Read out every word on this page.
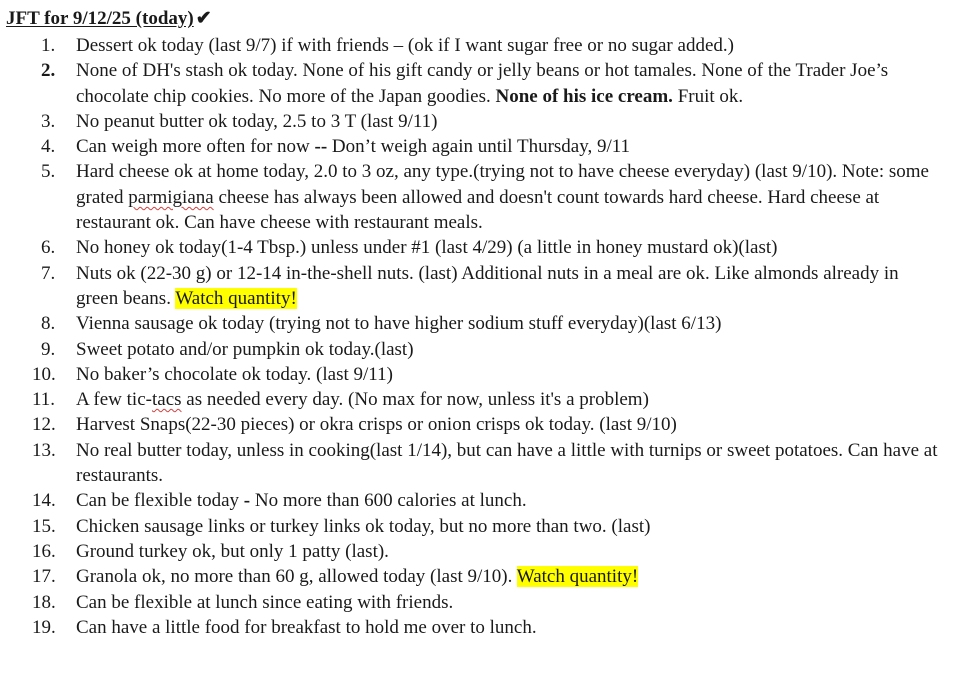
JFT for 9/12/25 (today) ✔
1.	Dessert ok today (last 9/7) if with friends – (ok if I want sugar free or no sugar added.)
2.	None of DH's stash ok today. None of his gift candy or jelly beans or hot tamales. None of the Trader Joe’s chocolate chip cookies. No more of the Japan goodies. None of his ice cream. Fruit ok.
3.	No peanut butter ok today, 2.5 to 3 T (last 9/11)
4.	Can weigh more often for now -- Don’t weigh again until Thursday, 9/11
5.	Hard cheese ok at home today, 2.0 to 3 oz, any type.(trying not to have cheese everyday) (last 9/10). Note: some grated parmigiana cheese has always been allowed and doesn't count towards hard cheese. Hard cheese at restaurant ok. Can have cheese with restaurant meals.
6.	No honey ok today(1-4 Tbsp.) unless under #1 (last 4/29) (a little in honey mustard ok)(last)
7.	Nuts ok (22-30 g) or 12-14 in-the-shell nuts. (last) Additional nuts in a meal are ok. Like almonds already in green beans. Watch quantity!
8.	Vienna sausage ok today (trying not to have higher sodium stuff everyday)(last 6/13)
9.	Sweet potato and/or pumpkin ok today.(last)
10.	No baker’s chocolate ok today. (last 9/11)
11.	A few tic-tacs as needed every day. (No max for now, unless it's a problem)
12.	Harvest Snaps(22-30 pieces) or okra crisps or onion crisps ok today. (last 9/10)
13.	No real butter today, unless in cooking(last 1/14), but can have a little with turnips or sweet potatoes. Can have at restaurants.
14.	Can be flexible today - No more than 600 calories at lunch.
15.	Chicken sausage links or turkey links ok today, but no more than two. (last)
16.	Ground turkey ok, but only 1 patty (last).
17.	Granola ok, no more than 60 g, allowed today (last 9/10). Watch quantity!
18.	Can be flexible at lunch since eating with friends.
19.	Can have a little food for breakfast to hold me over to lunch.
